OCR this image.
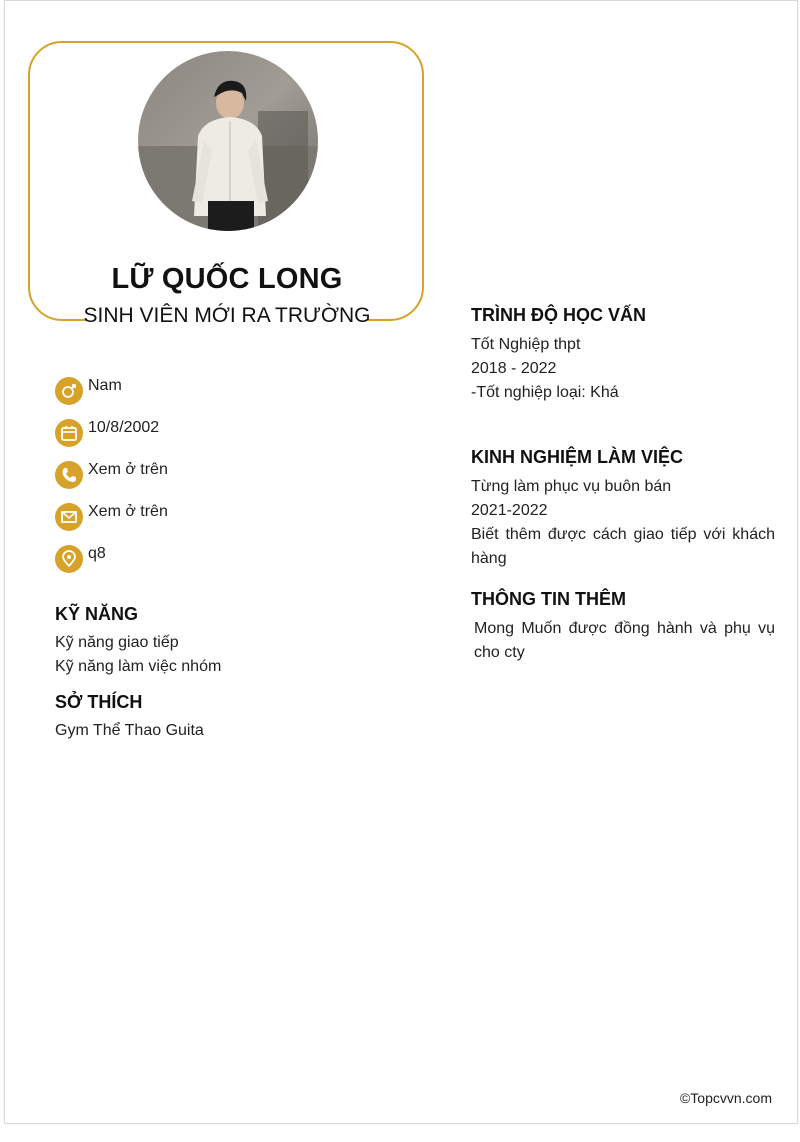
LỮ QUỐC LONG
SINH VIÊN MỚI RA TRƯỜNG
Nam
10/8/2002
Xem ở trên
Xem ở trên
q8
KỸ NĂNG
Kỹ năng giao tiếp
Kỹ năng làm việc nhóm
SỞ THÍCH
Gym Thể Thao Guita
TRÌNH ĐỘ HỌC VẤN
Tốt Nghiệp thpt
2018 - 2022
-Tốt nghiệp loại: Khá
KINH NGHIỆM LÀM VIỆC
Từng làm phục vụ buôn bán
2021-2022
Biết thêm được cách giao tiếp với khách hàng
THÔNG TIN THÊM
Mong Muốn được đồng hành và phụ vụ cho cty
©Topcvvn.com
